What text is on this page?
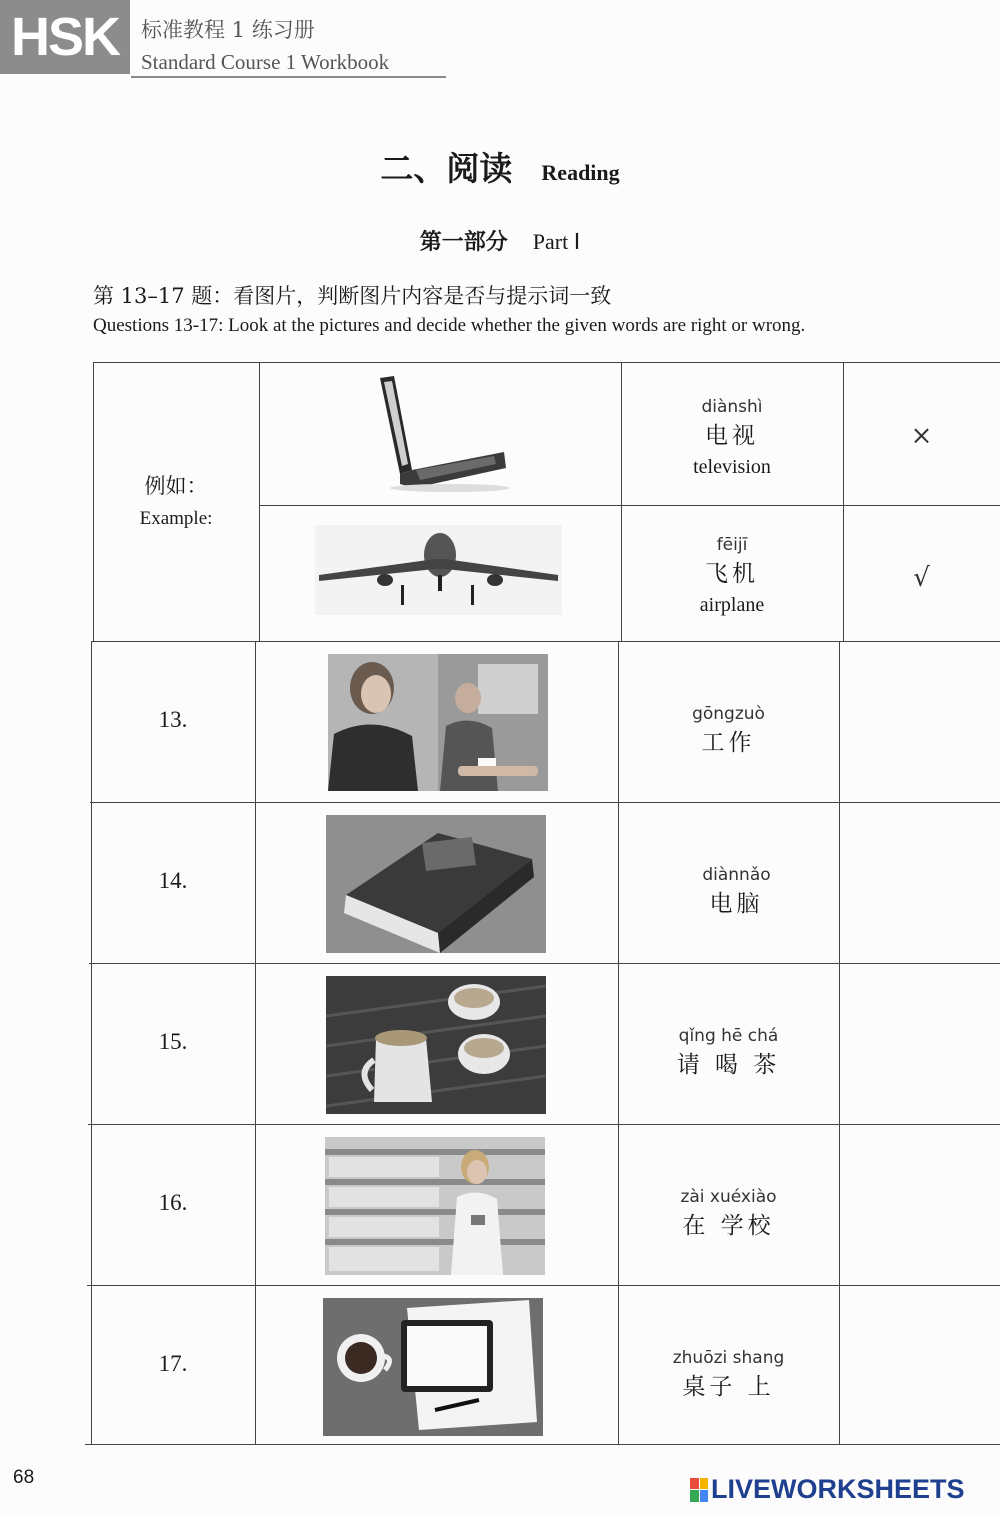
HSK	标准教程 1 练习册
Standard Course 1 Workbook
二、阅读 Reading
第一部分 Part Ⅰ
第 13–17 题：看图片，判断图片内容是否与提示词一致
Questions 13-17: Look at the pictures and decide whether the given words are right or wrong.
例如：
Example:
13.
14.
15.
16.
17.
diànshì
电视
television
fēijī
飞机
airplane
gōngzuò
工作
diànnǎo
电脑
qǐng hē chá
请 喝 茶
zài xuéxiào
在 学校
zhuōzi shang
桌子 上
×
√
68	LIVEWORKSHEETS
